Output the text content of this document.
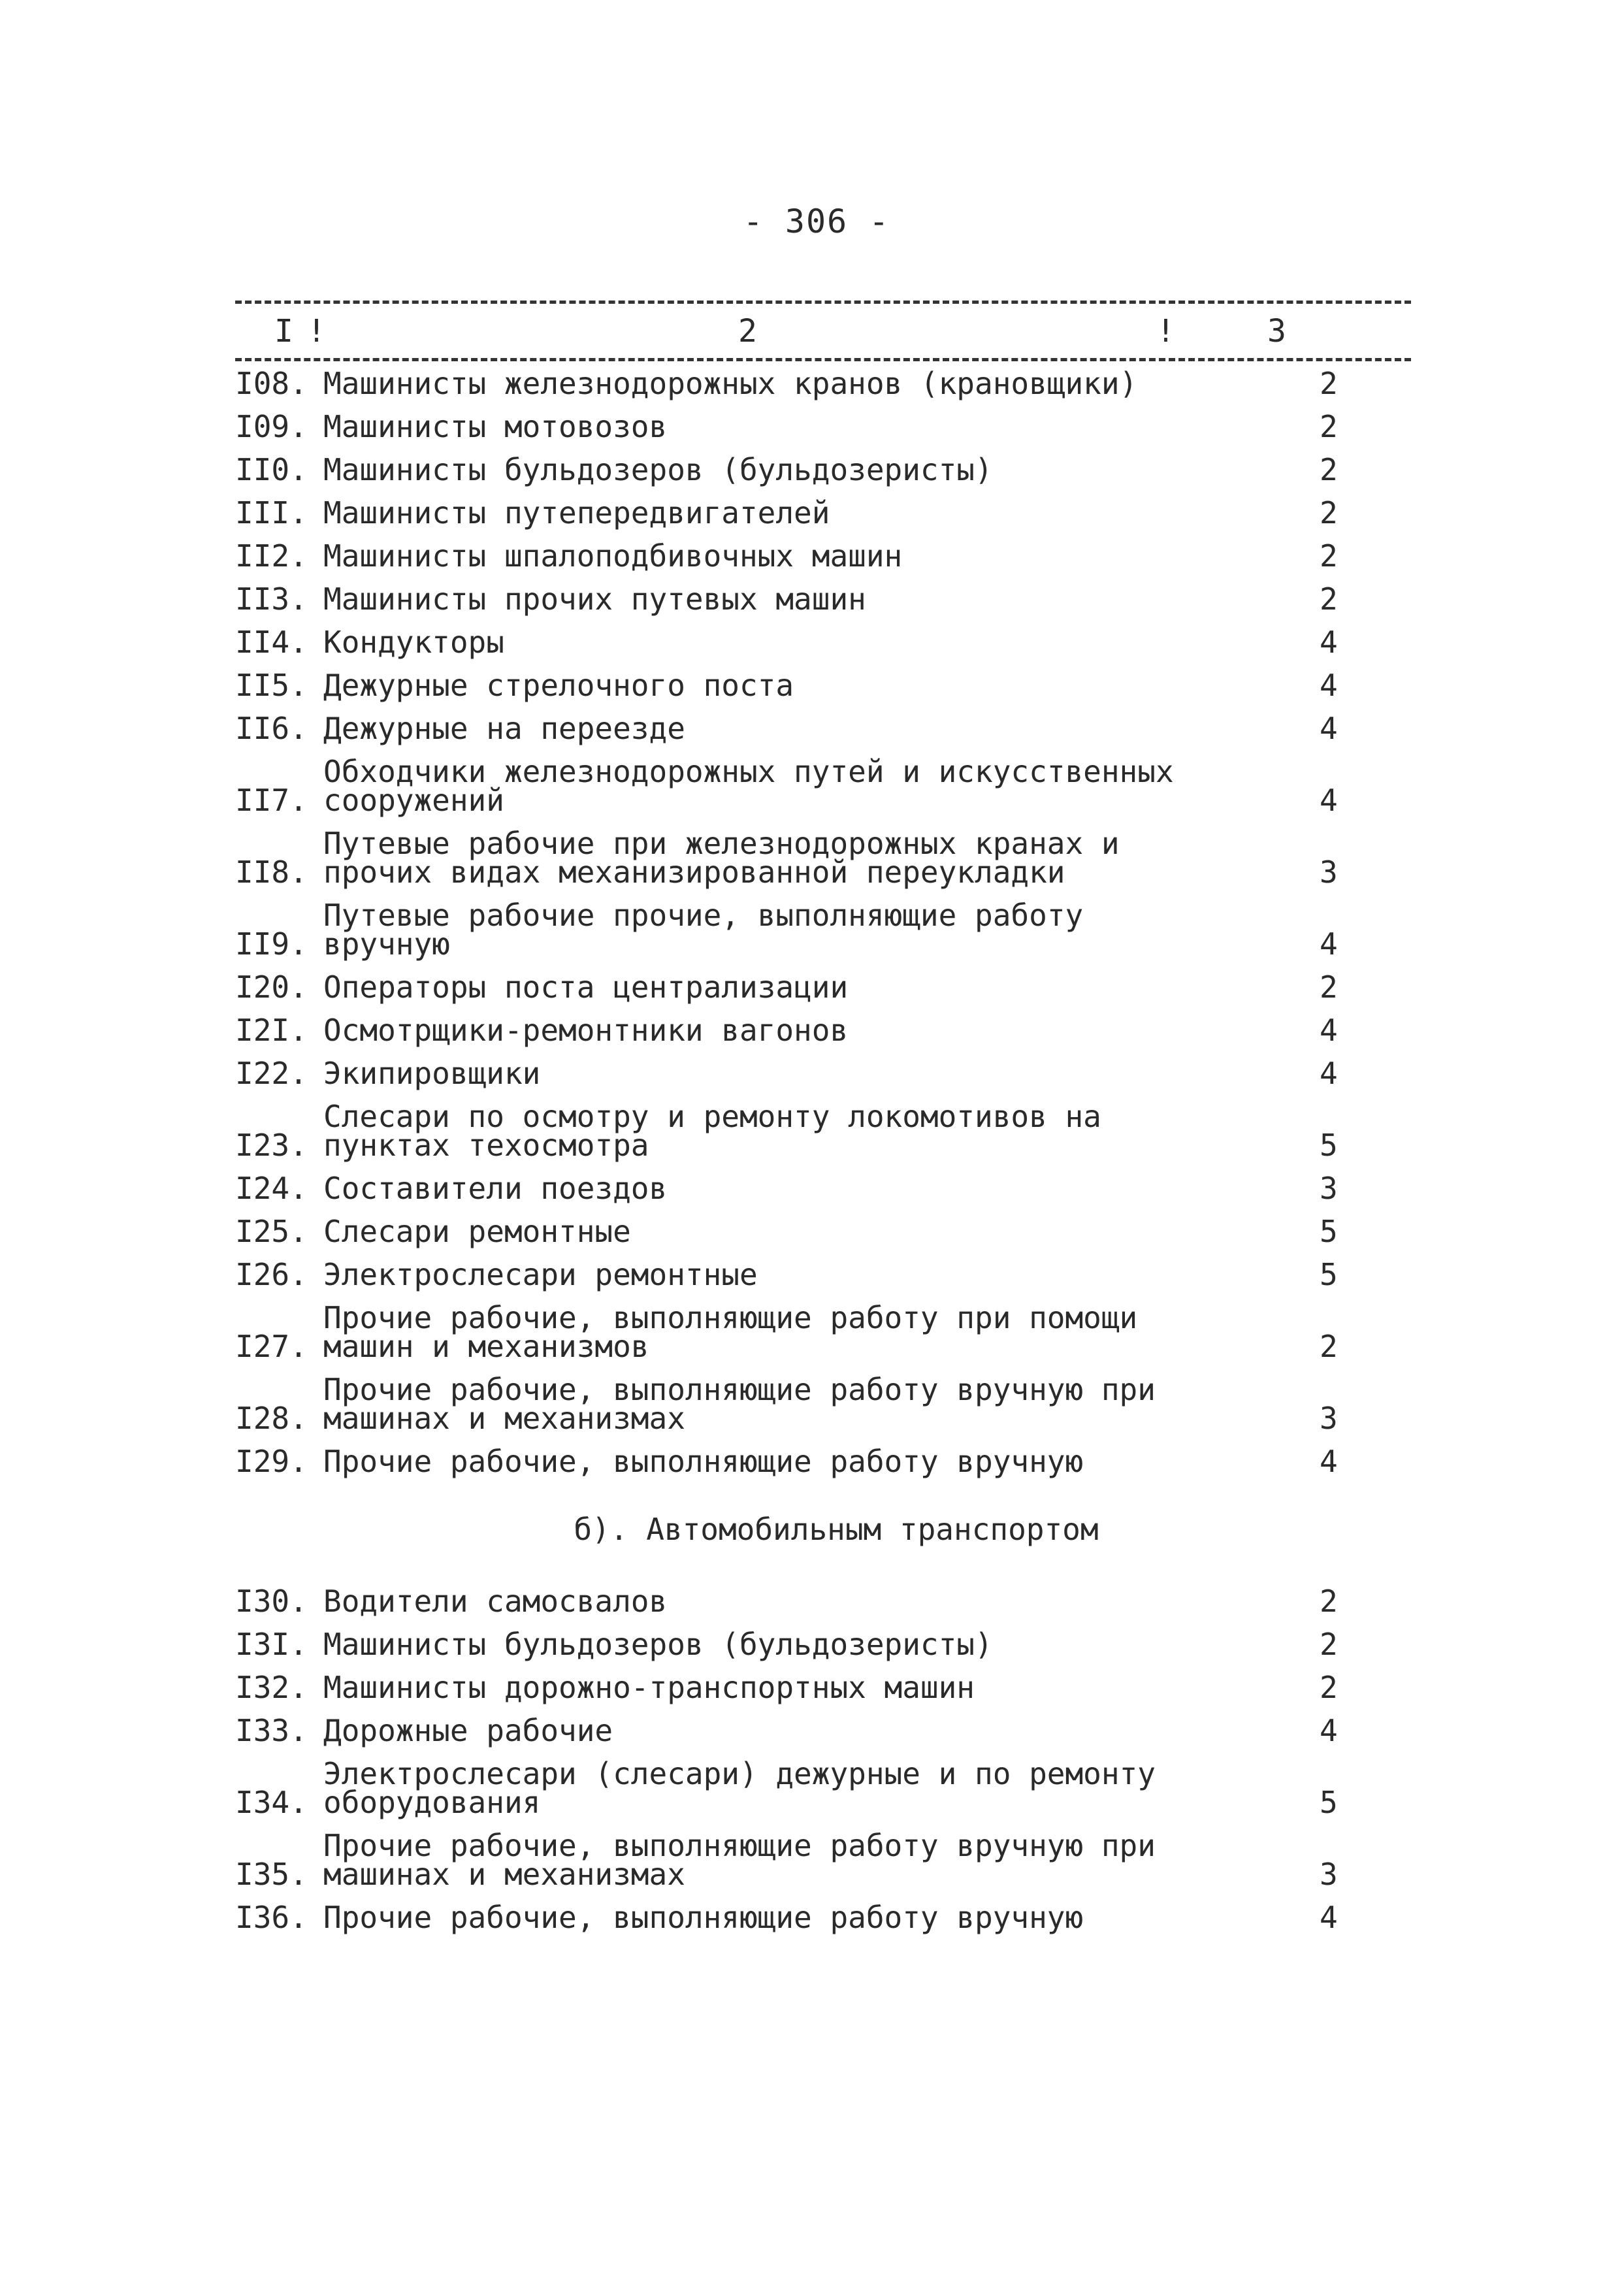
- 306 -
I !	2	!	3
I08. Машинисты железнодорожных кранов (крановщики)	2
I09. Машинисты мотовозов	2
II0. Машинисты бульдозеров (бульдозеристы)	2
III. Машинисты путепередвигателей	2
II2. Машинисты шпалоподбивочных машин	2
II3. Машинисты прочих путевых машин	2
II4. Кондукторы	4
II5. Дежурные стрелочного поста	4
II6. Дежурные на переезде	4
II7.
Обходчики железнодорожных путей и искусственных
сооружений	4
II8.
Путевые рабочие при железнодорожных кранах и
прочих видах механизированной переукладки	3
II9.
Путевые рабочие прочие, выполняющие работу
вручную	4
I20. Операторы поста централизации	2
I2I. Осмотрщики-ремонтники вагонов	4
I22. Экипировщики	4
I23.
Слесари по осмотру и ремонту локомотивов на
пунктах техосмотра	5
I24. Составители поездов	3
I25. Слесари ремонтные	5
I26. Электрослесари ремонтные	5
I27.
Прочие рабочие, выполняющие работу при помощи
машин и механизмов	2
I28.
Прочие рабочие, выполняющие работу вручную при
машинах и механизмах	3
I29. Прочие рабочие, выполняющие работу вручную	4
б). Автомобильным транспортом
I30. Водители самосвалов	2
I3I. Машинисты бульдозеров (бульдозеристы)	2
I32. Машинисты дорожно-транспортных машин	2
I33. Дорожные рабочие	4
I34.
Электрослесари (слесари) дежурные и по ремонту
оборудования	5
I35.
Прочие рабочие, выполняющие работу вручную при
машинах и механизмах	3
I36. Прочие рабочие, выполняющие работу вручную	4
